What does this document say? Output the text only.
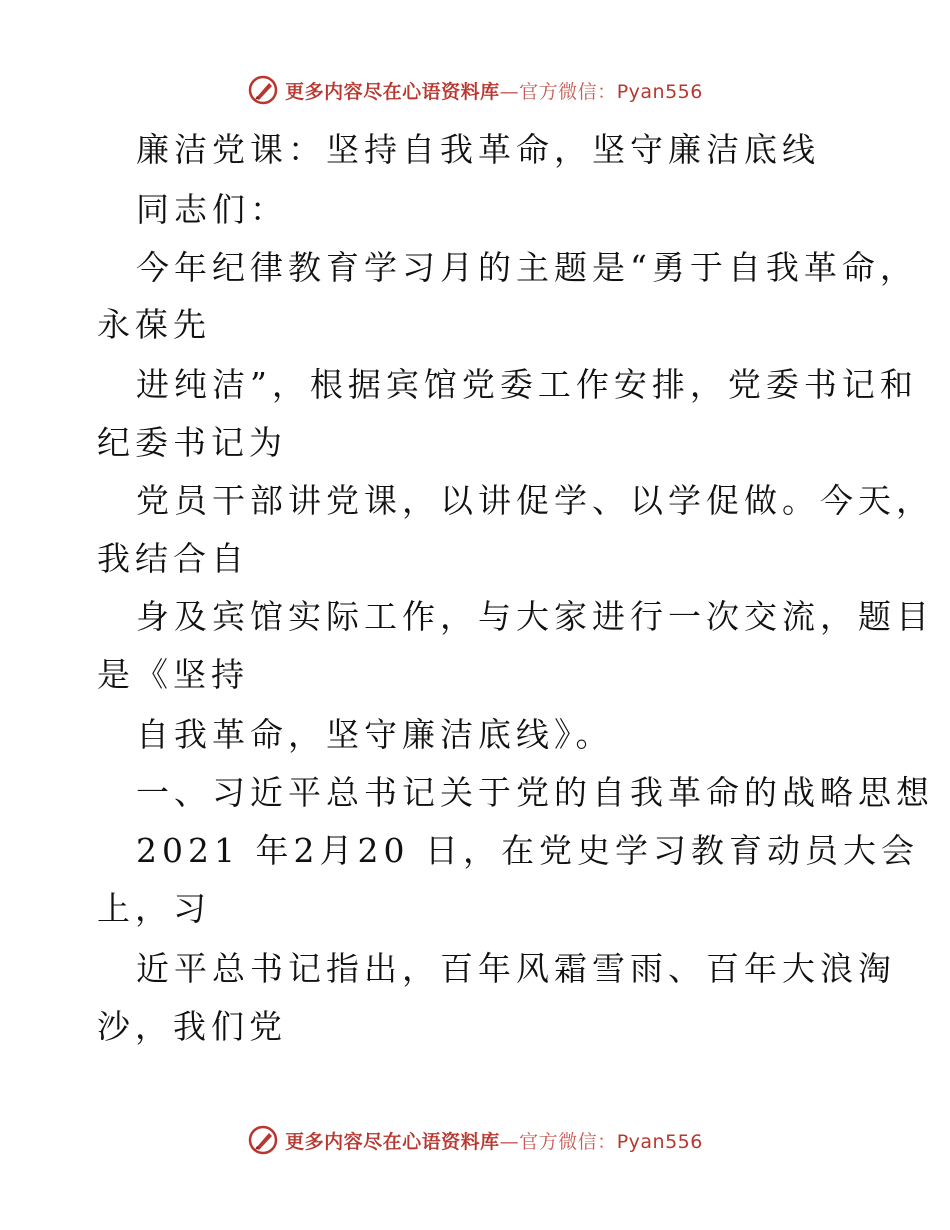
更多内容尽在心语资料库—官方微信：Pyan556
廉洁党课：坚持自我革命，坚守廉洁底线
同志们：
今年纪律教育学习月的主题是“勇于自我革命，
永葆先
进纯洁”，根据宾馆党委工作安排，党委书记和
纪委书记为
党员干部讲党课，以讲促学、以学促做。今天，
我结合自
身及宾馆实际工作，与大家进行一次交流，题目
是《坚持
自我革命，坚守廉洁底线》。
一、习近平总书记关于党的自我革命的战略思想
2021 年2月20 日，在党史学习教育动员大会
上，习
近平总书记指出，百年风霜雪雨、百年大浪淘
沙，我们党
更多内容尽在心语资料库—官方微信：Pyan556
